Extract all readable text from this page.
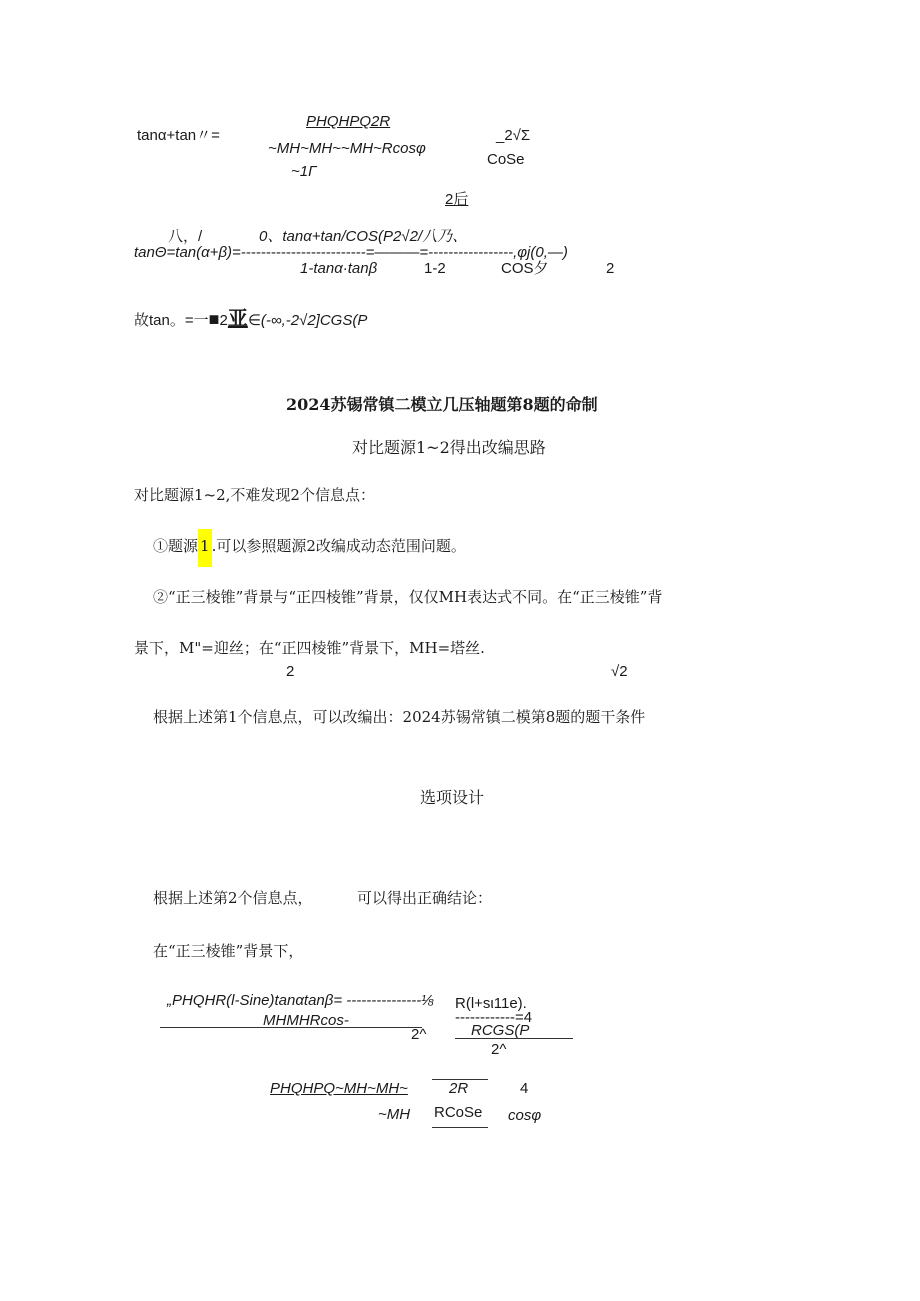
tanα+tan〃=
PHQHPQ2R
~MH~MH~~MH~Rcosφ
~1Γ
_2√Σ
CoSe
2后
八，/	0、tanα+tan/COS(P2√2/八乃、
tanΘ=tan(α+β)=-------------------------=———=-----------------,φj(0,—)
1-tanα·tanβ	1-2	COS夕	2
故tan。=一■2亚∈(-∞,-2√2]CGS(P
2024苏锡常镇二模立几压轴题第8题的命制
对比题源1~2得出改编思路
对比题源1~2,不难发现2个信息点：
①题源 1 .可以参照题源2改编成动态范围问题。
②“正三棱锥”背景与“正四棱锥”背景，仅仅MH表达式不同。在“正三棱锥”背
景下，M"=迎丝；在“正四棱锥”背景下，MH=塔丝.
2	√2
根据上述第1个信息点，可以改编出：2024苏锡常镇二模第8题的题干条件
选项设计
根据上述第2个信息点，	可以得出正确结论：
在“正三棱锥”背景下，
„PHQHR(l-Sine)tanαtanβ= ---------------⅛ R(l+sι11e).
MHMHRcos-	------------=4
2^	RCGS(P
2^
PHQHPQ~MH~MH~	2R	4
~MH RCoSe cosφ
